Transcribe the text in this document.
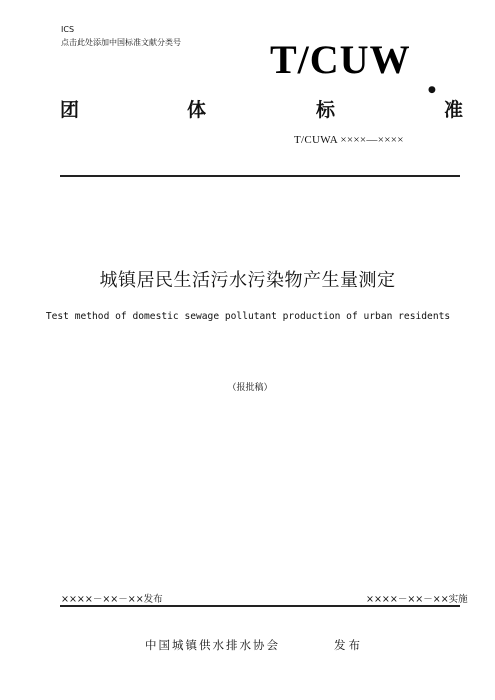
ICS
点击此处添加中国标准文献分类号 T/CUW
团	体	标
●
准
T/CUWA ××××—××××
城镇居民生活污水污染物产生量测定
Test method of domestic sewage pollutant production of urban residents
（报批稿）
××××－××－××发布	××××－××－××实施
中国城镇供水排水协会	发布
